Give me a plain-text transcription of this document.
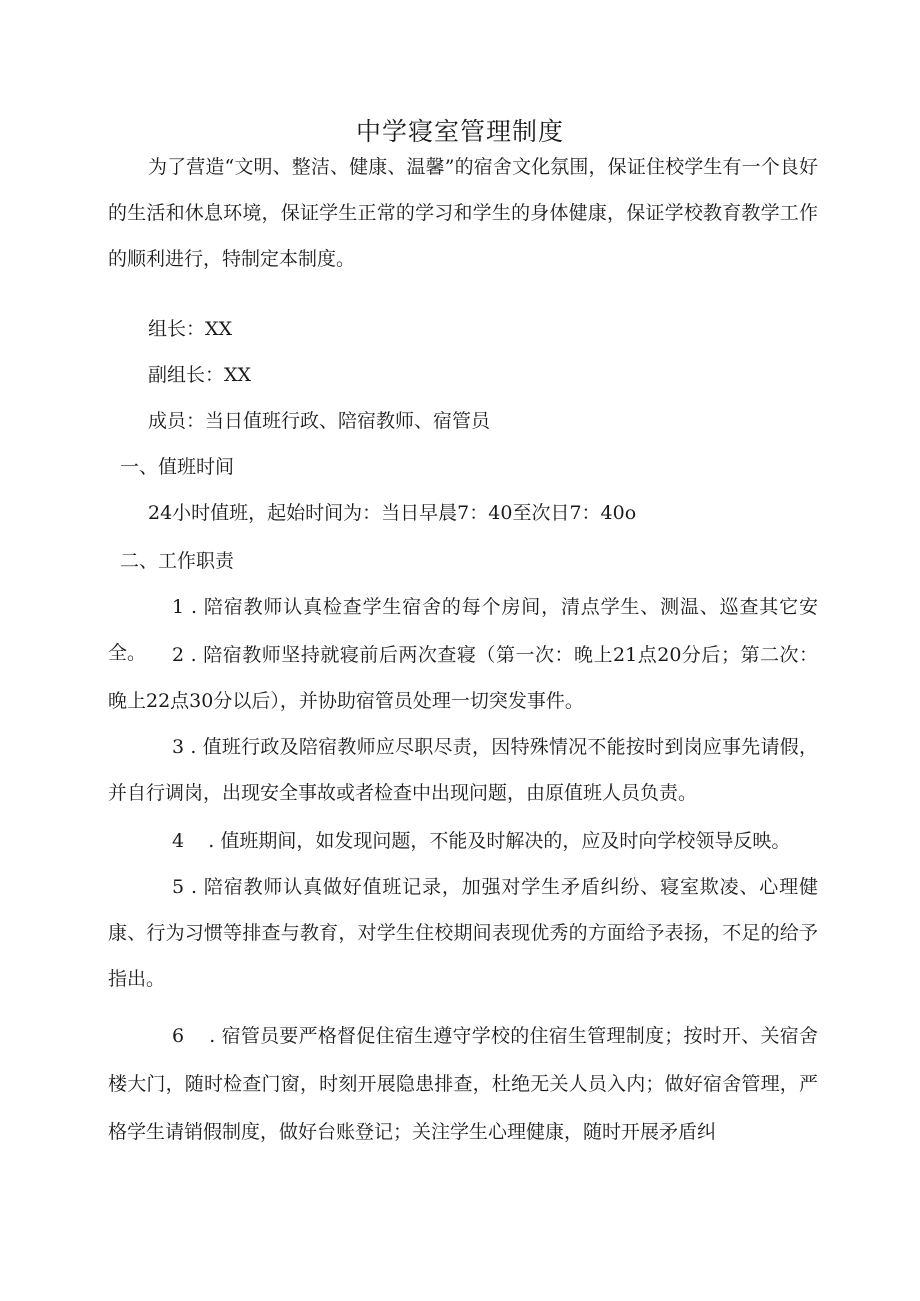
中学寝室管理制度
为了营造“文明、整洁、健康、温馨”的宿舍文化氛围，保证住校学生有一个良好的生活和休息环境，保证学生正常的学习和学生的身体健康，保证学校教育教学工作的顺利进行，特制定本制度。
组长：XX
副组长：XX
成员：当日值班行政、陪宿教师、宿管员
一、值班时间
24小时值班，起始时间为：当日早晨7：40至次日7：40o
二、工作职责
1 . 陪宿教师认真检查学生宿舍的每个房间，清点学生、测温、巡查其它安全。	2 . 陪宿教师坚持就寝前后两次查寝（第一次：晚上21点20分后；第二次：晚上22点30分以后），并协助宿管员处理一切突发事件。
3 . 值班行政及陪宿教师应尽职尽责，因特殊情况不能按时到岗应事先请假，并自行调岗，出现安全事故或者检查中出现问题，由原值班人员负责。
4    . 值班期间，如发现问题，不能及时解决的，应及时向学校领导反映。
5 . 陪宿教师认真做好值班记录，加强对学生矛盾纠纷、寝室欺凌、心理健康、行为习惯等排查与教育，对学生住校期间表现优秀的方面给予表扬，不足的给予指出。
6    . 宿管员要严格督促住宿生遵守学校的住宿生管理制度；按时开、关宿舍楼大门，随时检查门窗，时刻开展隐患排查，杜绝无关人员入内；做好宿舍管理，严格学生请销假制度，做好台账登记；关注学生心理健康，随时开展矛盾纠
